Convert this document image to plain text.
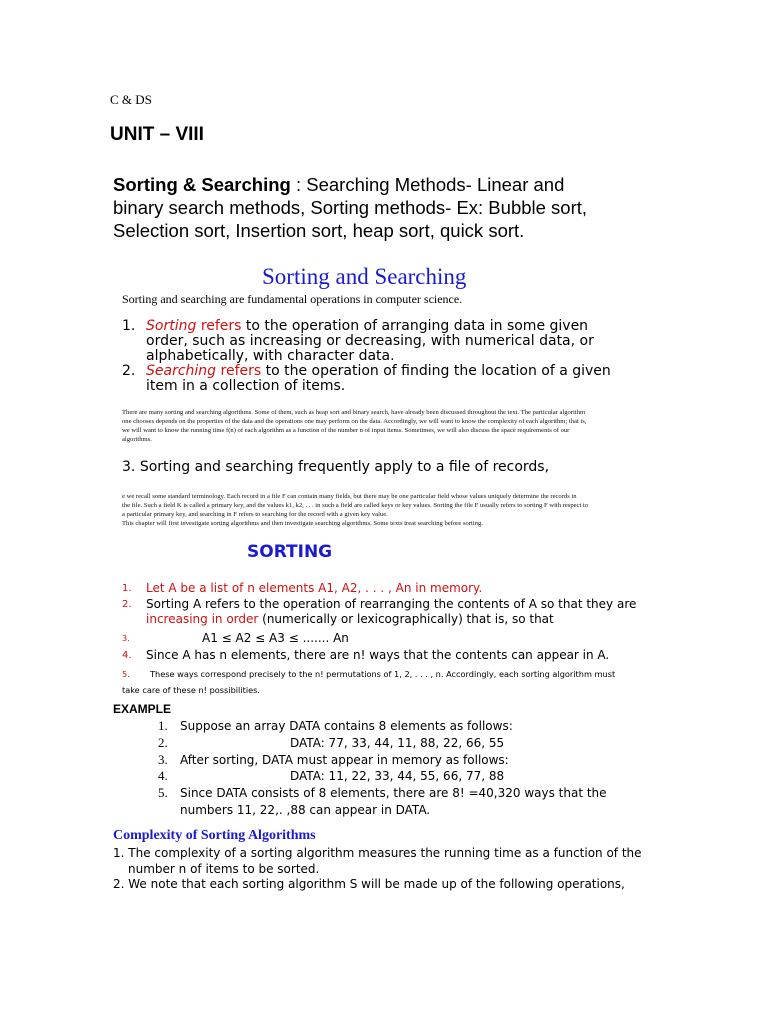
C & DS
UNIT – VIII
Sorting & Searching : Searching Methods- Linear and
binary search methods, Sorting methods- Ex: Bubble sort,
Selection sort, Insertion sort, heap sort, quick sort.
Sorting and Searching
Sorting and searching are fundamental operations in computer science.
1. Sorting refers to the operation of arranging data in some given
order, such as increasing or decreasing, with numerical data, or
alphabetically, with character data.
2. Searching refers to the operation of finding the location of a given
item in a collection of items.
There are many sorting and searching algorithms. Some of them, such as heap sort and binary search, have already been discussed throughout the text. The particular algorithm
one chooses depends on the properties of the data and the operations one may perform on the data. Accordingly, we will want to know the complexity of each algorithm; that is,
we will want to know the running time f(n) of each algorithm as a function of the number n of input items. Sometimes, we will also discuss the space requirements of our
algorithms.
3. Sorting and searching frequently apply to a file of records,
e we recall some standard terminology. Each record in a file F can contain many fields, but there may be one particular field whose values uniquely determine the records in
the file. Such a field K is called a primary key, and the values k1, k2, . . . in such a field are called keys or key values. Sorting the file F usually refers to sorting F with respect to
a particular primary key, and searching in F refers to searching for the record with a given key value.
This chapter will first investigate sorting algorithms and then investigate searching algorithms. Some texts treat searching before sorting.
SORTING
1. Let A be a list of n elements A1, A2, . . . , An in memory.
2. Sorting A refers to the operation of rearranging the contents of A so that they are
increasing in order (numerically or lexicographically) that is, so that
3.	A1 ≤ A2 ≤ A3 ≤ ....... An
4. Since A has n elements, there are n! ways that the contents can appear in A.
5. These ways correspond precisely to the n! permutations of 1, 2, . . . , n. Accordingly, each sorting algorithm must
take care of these n! possibilities.
EXAMPLE
1. Suppose an array DATA contains 8 elements as follows:
2.	DATA: 77, 33, 44, 11, 88, 22, 66, 55
3. After sorting, DATA must appear in memory as follows:
4.	DATA: 11, 22, 33, 44, 55, 66, 77, 88
5. Since DATA consists of 8 elements, there are 8! =40,320 ways that the
numbers 11, 22,. ,88 can appear in DATA.
Complexity of Sorting Algorithms
1. The complexity of a sorting algorithm measures the running time as a function of the
number n of items to be sorted.
2. We note that each sorting algorithm S will be made up of the following operations,
